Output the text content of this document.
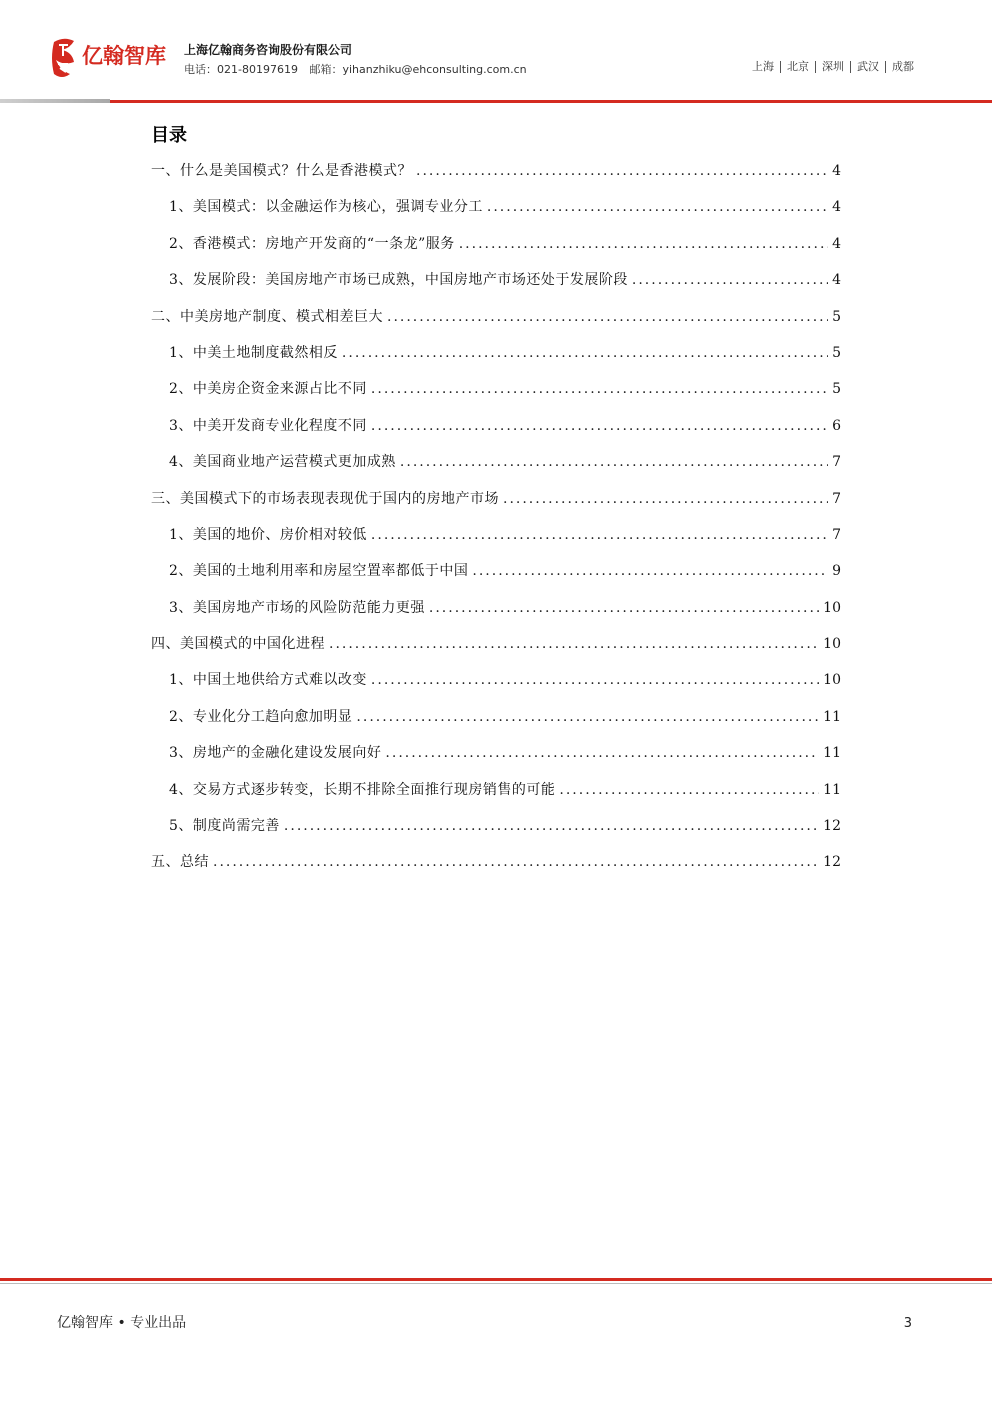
亿翰智库 上海亿翰商务咨询股份有限公司
电话：021-80197619 邮箱：yihanzhiku@ehconsulting.com.cn	上海	北京	深圳	武汉	成都
目录
一、什么是美国模式？什么是香港模式？ .....	4
1、美国模式：以金融运作为核心，强调专业分工 .....	4
2、香港模式：房地产开发商的“一条龙”服务 .....	4
3、发展阶段：美国房地产市场已成熟，中国房地产市场还处于发展阶段 .....	4
二、中美房地产制度、模式相差巨大 .....	5
1、中美土地制度截然相反 .....	5
2、中美房企资金来源占比不同 .....	5
3、中美开发商专业化程度不同 .....	6
4、美国商业地产运营模式更加成熟 .....	7
三、美国模式下的市场表现表现优于国内的房地产市场 .....	7
1、美国的地价、房价相对较低 .....	7
2、美国的土地利用率和房屋空置率都低于中国 .....	9
3、美国房地产市场的风险防范能力更强 .....	10
四、美国模式的中国化进程 .....	10
1、中国土地供给方式难以改变 .....	10
2、专业化分工趋向愈加明显 .....	11
3、房地产的金融化建设发展向好 .....	11
4、交易方式逐步转变，长期不排除全面推行现房销售的可能 .....	11
5、制度尚需完善 .....	12
五、总结 .....	12
亿翰智库 • 专业出品	3
